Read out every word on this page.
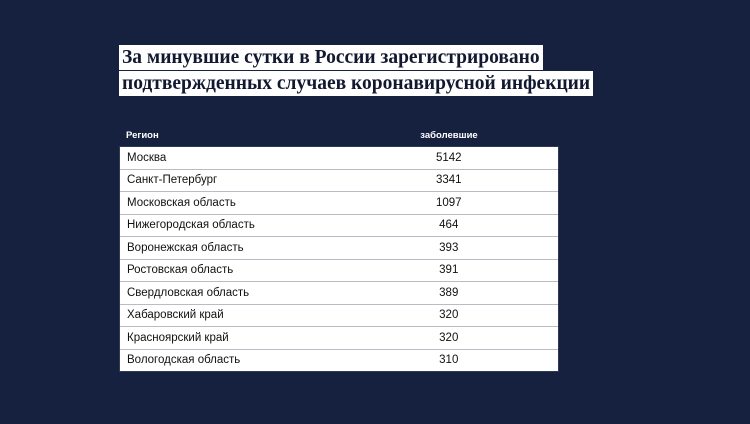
За минувшие сутки в России зарегистрировано
подтвержденных случаев коронавирусной инфекции
Регион	заболевшие
Москва	5142
Санкт-Петербург	3341
Московская область	1097
Нижегородская область	464
Воронежская область	393
Ростовская область	391
Свердловская область	389
Хабаровский край	320
Красноярский край	320
Вологодская область	310
